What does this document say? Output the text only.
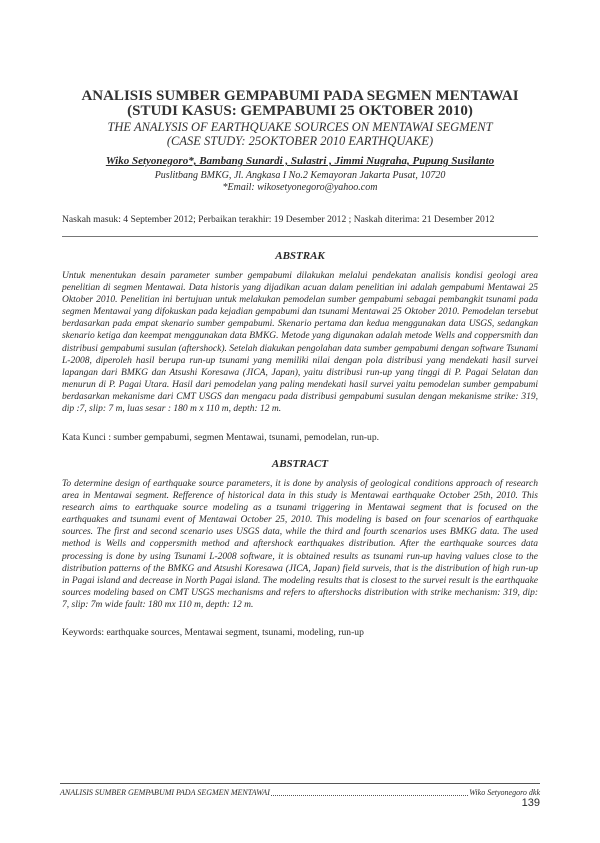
ANALISIS SUMBER GEMPABUMI PADA SEGMEN MENTAWAI
(STUDI KASUS: GEMPABUMI 25 OKTOBER 2010)
THE ANALYSIS OF EARTHQUAKE SOURCES ON MENTAWAI SEGMENT
(CASE STUDY: 25OKTOBER 2010 EARTHQUAKE)
Wiko Setyonegoro*, Bambang Sunardi , Sulastri , Jimmi Nugraha, Pupung Susilanto
Puslitbang BMKG, Jl. Angkasa I No.2 Kemayoran Jakarta Pusat, 10720
*Email: wikosetyonegoro@yahoo.com
Naskah masuk: 4 September 2012; Perbaikan terakhir: 19 Desember 2012 ; Naskah diterima: 21 Desember 2012
ABSTRAK
Untuk menentukan desain parameter sumber gempabumi dilakukan melalui pendekatan analisis kondisi geologi area penelitian di segmen Mentawai. Data historis yang dijadikan acuan dalam penelitian ini adalah gempabumi Mentawai 25 Oktober 2010. Penelitian ini bertujuan untuk melakukan pemodelan sumber gempabumi sebagai pembangkit tsunami pada segmen Mentawai yang difokuskan pada kejadian gempabumi dan tsunami Mentawai 25 Oktober 2010. Pemodelan tersebut berdasarkan pada empat skenario sumber gempabumi. Skenario pertama dan kedua menggunakan data USGS, sedangkan skenario ketiga dan keempat menggunakan data BMKG. Metode yang digunakan adalah metode Wells and coppersmith dan distribusi gempabumi susulan (aftershock). Setelah diakukan pengolahan data sumber gempabumi dengan software Tsunami L-2008, diperoleh hasil berupa run-up tsunami yang memiliki nilai dengan pola distribusi yang mendekati hasil survei lapangan dari BMKG dan Atsushi Koresawa (JICA, Japan), yaitu distribusi run-up yang tinggi di P. Pagai Selatan dan menurun di P. Pagai Utara. Hasil dari pemodelan yang paling mendekati hasil survei yaitu pemodelan sumber gempabumi berdasarkan mekanisme dari CMT USGS dan mengacu pada distribusi gempabumi susulan dengan mekanisme strike: 319, dip :7, slip: 7 m, luas sesar : 180 m x 110 m, depth: 12 m.
Kata Kunci : sumber gempabumi, segmen Mentawai, tsunami, pemodelan, run-up.
ABSTRACT
To determine design of earthquake source parameters, it is done by analysis of geological conditions approach of research area in Mentawai segment. Refference of historical data in this study is Mentawai earthquake October 25th, 2010. This research aims to earthquake source modeling as a tsunami triggering in Mentawai segment that is focused on the earthquakes and tsunami event of Mentawai October 25, 2010. This modeling is based on four scenarios of earthquake sources. The first and second scenario uses USGS data, while the third and fourth scenarios uses BMKG data. The used method is Wells and coppersmith method and aftershock earthquakes distribution. After the earthquake sources data processing is done by using Tsunami L-2008 software, it is obtained results as tsunami run-up having values close to the distribution patterns of the BMKG and Atsushi Koresawa (JICA, Japan) field surveis, that is the distribution of high run-up in Pagai island and decrease in North Pagai island. The modeling results that is closest to the survei result is the earthquake sources modeling based on CMT USGS mechanisms and refers to aftershocks distribution with strike mechanism: 319, dip: 7, slip: 7m wide fault: 180 mx 110 m, depth: 12 m.
Keywords: earthquake sources, Mentawai segment, tsunami, modeling, run-up
ANALISIS SUMBER GEMPABUMI PADA SEGMEN MENTAWAI	Wiko Setyonegoro dkk
139
